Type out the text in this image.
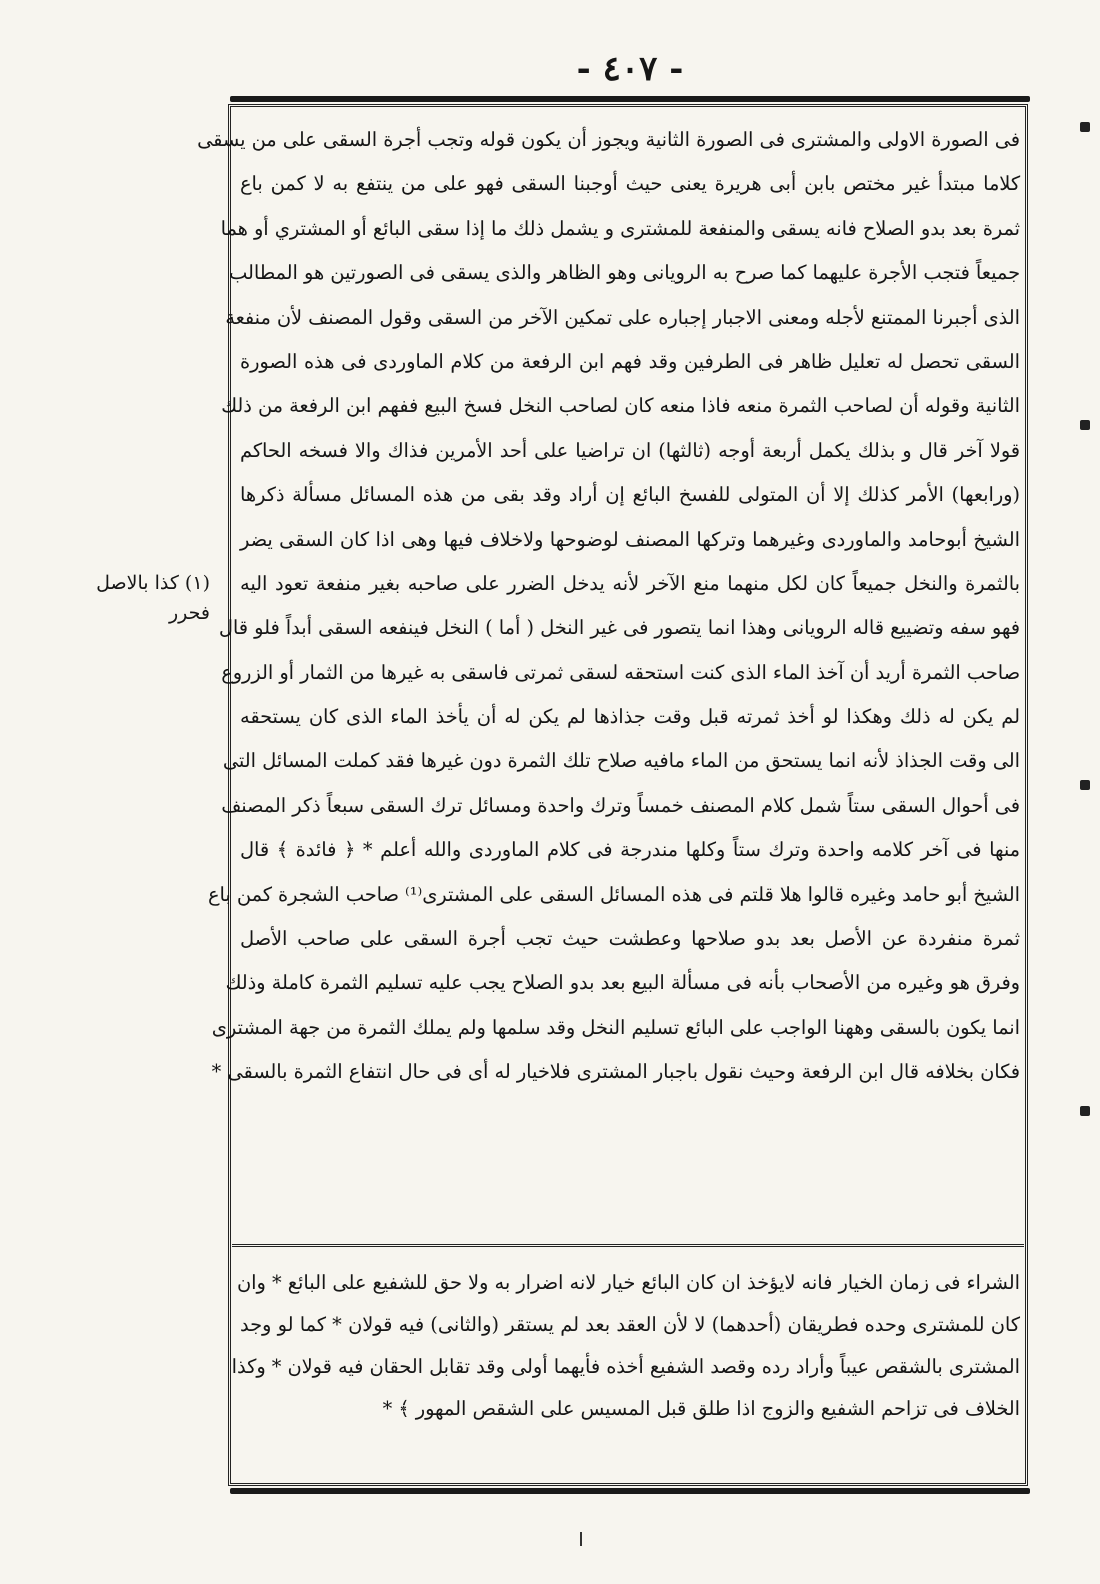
- ٤٠٧ -
فى الصورة الاولى والمشترى فى الصورة الثانية ويجوز أن يكون قوله وتجب أجرة السقى على من يسقى
كلاما مبتدأ غير مختص بابن أبى هريرة يعنى حيث أوجبنا السقى فهو على من ينتفع به لا كمن باع
ثمرة بعد بدو الصلاح فانه يسقى والمنفعة للمشترى و يشمل ذلك ما إذا سقى البائع أو المشتري أو هما
جميعاً فتجب الأجرة عليهما كما صرح به الرويانى وهو الظاهر والذى يسقى فى الصورتين هو المطالب
الذى أجبرنا الممتنع لأجله ومعنى الاجبار إجباره على تمكين الآخر من السقى وقول المصنف لأن منفعة
السقى تحصل له تعليل ظاهر فى الطرفين وقد فهم ابن الرفعة من كلام الماوردى فى هذه الصورة
الثانية وقوله أن لصاحب الثمرة منعه فاذا منعه كان لصاحب النخل فسخ البيع ففهم ابن الرفعة من ذلك
قولا آخر قال و بذلك يكمل أربعة أوجه (ثالثها) ان تراضيا على أحد الأمرين فذاك والا فسخه الحاكم
(ورابعها) الأمر كذلك إلا أن المتولى للفسخ البائع إن أراد وقد بقى من هذه المسائل مسألة ذكرها
الشيخ أبوحامد والماوردى وغيرهما وتركها المصنف لوضوحها ولاخلاف فيها وهى اذا كان السقى يضر
بالثمرة والنخل جميعاً كان لكل منهما منع الآخر لأنه يدخل الضرر على صاحبه بغير منفعة تعود اليه
فهو سفه وتضييع قاله الرويانى وهذا انما يتصور فى غير النخل ( أما ) النخل فينفعه السقى أبداً فلو قال
صاحب الثمرة أريد أن آخذ الماء الذى كنت استحقه لسقى ثمرتى فاسقى به غيرها من الثمار أو الزروع
لم يكن له ذلك وهكذا لو أخذ ثمرته قبل وقت جذاذها لم يكن له أن يأخذ الماء الذى كان يستحقه
الى وقت الجذاذ لأنه انما يستحق من الماء مافيه صلاح تلك الثمرة دون غيرها فقد كملت المسائل التى
فى أحوال السقى ستاً شمل كلام المصنف خمساً وترك واحدة ومسائل ترك السقى سبعاً ذكر المصنف
منها فى آخر كلامه واحدة وترك ستاً وكلها مندرجة فى كلام الماوردى والله أعلم * ﴿ فائدة ﴾ قال
الشيخ أبو حامد وغيره قالوا هلا قلتم فى هذه المسائل السقى على المشترى⁽¹⁾ صاحب الشجرة كمن باع
ثمرة منفردة عن الأصل بعد بدو صلاحها وعطشت حيث تجب أجرة السقى على صاحب الأصل
وفرق هو وغيره من الأصحاب بأنه فى مسألة البيع بعد بدو الصلاح يجب عليه تسليم الثمرة كاملة وذلك
انما يكون بالسقى وههنا الواجب على البائع تسليم النخل وقد سلمها ولم يملك الثمرة من جهة المشترى
فكان بخلافه قال ابن الرفعة وحيث نقول باجبار المشترى فلاخيار له أى فى حال انتفاع الثمرة بالسقى *
الشراء فى زمان الخيار فانه لايؤخذ ان كان البائع خيار لانه اضرار به ولا حق للشفيع على البائع * وان
كان للمشترى وحده فطريقان (أحدهما) لا لأن العقد بعد لم يستقر (والثانى) فيه قولان * كما لو وجد
المشترى بالشقص عيباً وأراد رده وقصد الشفيع أخذه فأيهما أولى وقد تقابل الحقان فيه قولان * وكذا
الخلاف فى تزاحم الشفيع والزوج اذا طلق قبل المسيس على الشقص المهور ﴾ *
(١) كذا بالاصل
فحرر
